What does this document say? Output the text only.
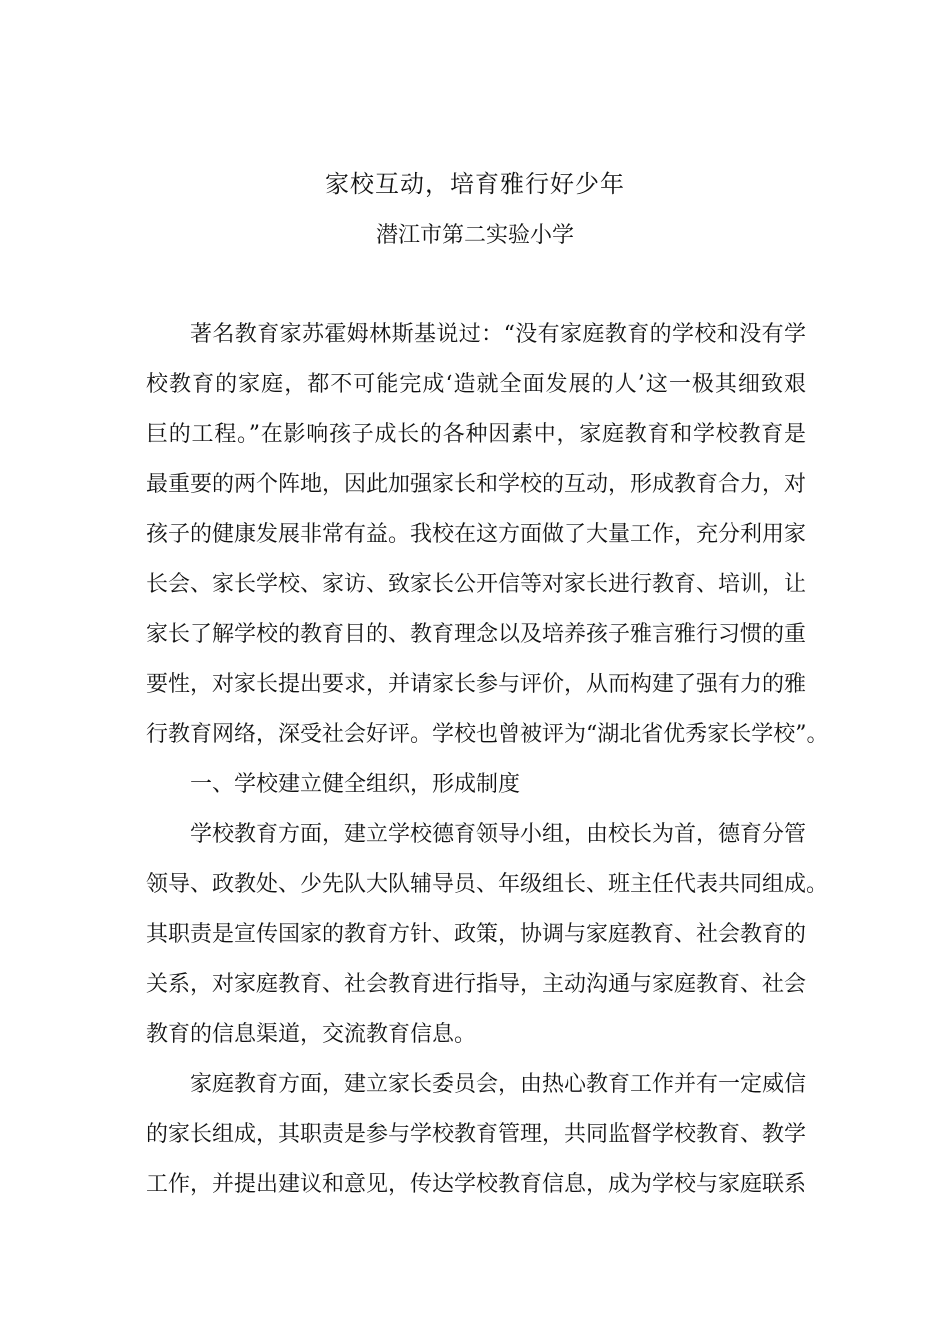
家校互动，培育雅行好少年
潜江市第二实验小学
著名教育家苏霍姆林斯基说过：“没有家庭教育的学校和没有学
校教育的家庭，都不可能完成‘造就全面发展的人’这一极其细致艰
巨的工程。”在影响孩子成长的各种因素中，家庭教育和学校教育是
最重要的两个阵地，因此加强家长和学校的互动，形成教育合力，对
孩子的健康发展非常有益。我校在这方面做了大量工作，充分利用家
长会、家长学校、家访、致家长公开信等对家长进行教育、培训，让
家长了解学校的教育目的、教育理念以及培养孩子雅言雅行习惯的重
要性，对家长提出要求，并请家长参与评价，从而构建了强有力的雅
行教育网络，深受社会好评。学校也曾被评为“湖北省优秀家长学校”。
一、学校建立健全组织，形成制度
学校教育方面，建立学校德育领导小组，由校长为首，德育分管
领导、政教处、少先队大队辅导员、年级组长、班主任代表共同组成。
其职责是宣传国家的教育方针、政策，协调与家庭教育、社会教育的
关系，对家庭教育、社会教育进行指导，主动沟通与家庭教育、社会
教育的信息渠道，交流教育信息。
家庭教育方面，建立家长委员会，由热心教育工作并有一定威信
的家长组成，其职责是参与学校教育管理，共同监督学校教育、教学
工作，并提出建议和意见，传达学校教育信息，成为学校与家庭联系
